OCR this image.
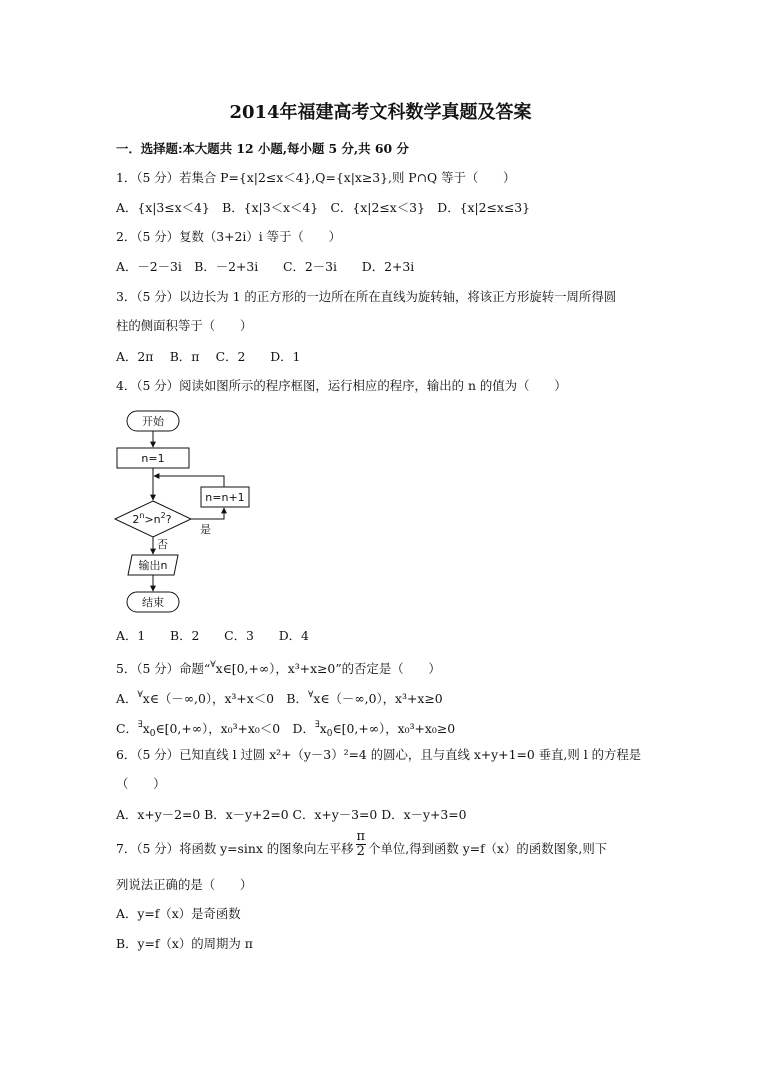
2014年福建高考文科数学真题及答案
一．选择题:本大题共 12 小题,每小题 5 分,共 60 分
1．（5 分）若集合 P={x|2≤x＜4},Q={x|x≥3},则 P∩Q 等于（　　）
A．{x|3≤x＜4}　B．{x|3＜x＜4}　C．{x|2≤x＜3}　D．{x|2≤x≤3}
2．（5 分）复数（3+2i）i 等于（　　）
A．－2－3i　B．－2+3i　　C．2－3i　　D．2+3i
3．（5 分）以边长为 1 的正方形的一边所在所在直线为旋转轴，将该正方形旋转一周所得圆
柱的侧面积等于（　　）
A．2π　 B．π　 C．2　　D．1
4．（5 分）阅读如图所示的程序框图，运行相应的程序，输出的 n 的值为（　　）
开始
n=1
n=n+1
$2^n>n^2$?
是
否
输出n
结束
A．1　　B．2　　C．3　　D．4
5．（5 分）命题“∀x∈[0,+∞），x³+x≥0”的否定是（　　）
A．∀x∈（－∞,0），x³+x＜0　B．∀x∈（－∞,0），x³+x≥0
C．$^\exists x_0\in[0,+\infty)$，x₀³+x₀＜0　D．$^\exists x_0\in[0,+\infty)$，x₀³+x₀≥0
6．（5 分）已知直线 l 过圆 x²+（y－3）²=4 的圆心，且与直线 x+y+1=0 垂直,则 l 的方程是
（　　）
A．x+y－2=0 B．x－y+2=0 C．x+y－3=0 D．x－y+3=0
7．（5 分）将函数 y=sinx 的图象向左平移 $\frac{\pi}{2}$ 个单位,得到函数 y=f（x）的函数图象,则下
列说法正确的是（　　）
A．y=f（x）是奇函数
B．y=f（x）的周期为 π
